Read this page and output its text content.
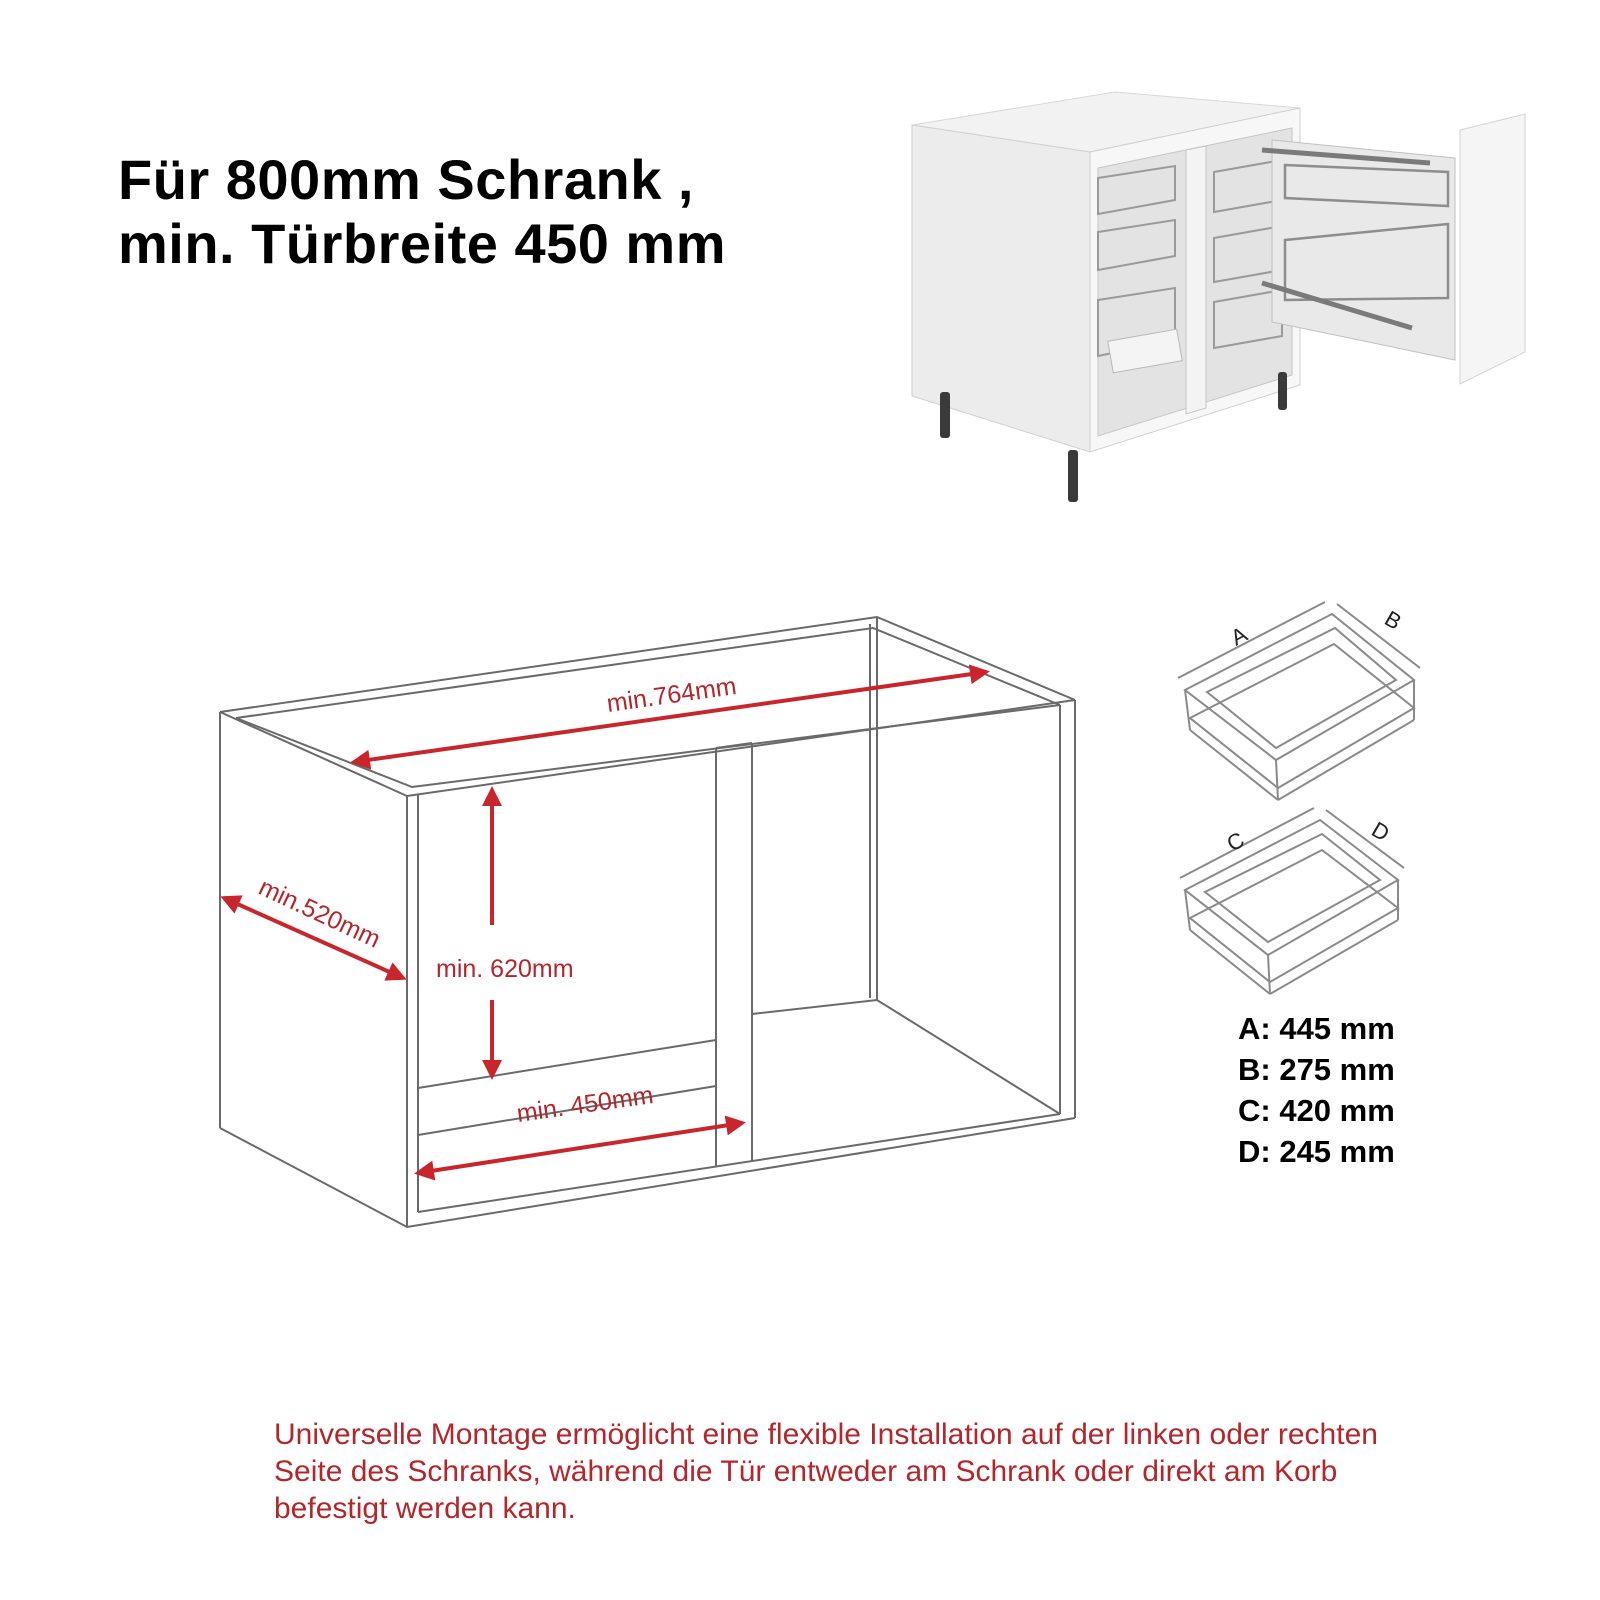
Für 800mm Schrank ,
min. Türbreite 450 mm
min.764mm
min.520mm
min. 620mm
min. 450mm
A
B
C	D
A: 445 mm
B: 275 mm
C: 420 mm
D: 245 mm
Universelle Montage ermöglicht eine flexible Installation auf der linken oder rechten Seite des Schranks, während die Tür entweder am Schrank oder direkt am Korb befestigt werden kann.
